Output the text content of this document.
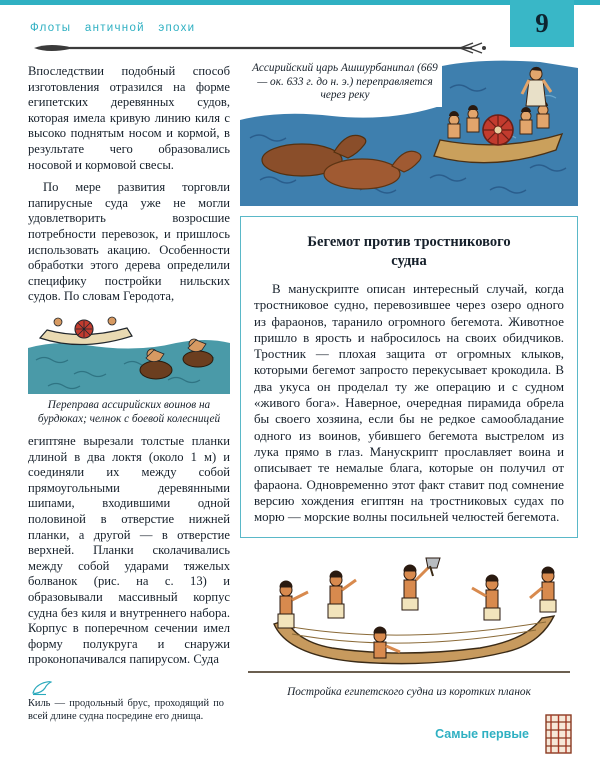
9
Флоты античной эпохи

Впоследствии подобный способ изготовления отразился на форме египетских деревянных судов, которая имела кривую линию киля с высоко поднятым носом и кормой, в результате чего образовались носовой и кормовой свесы.

По мере развития торговли папирусные суда уже не могли удовлетворить возросшие потребности перевозок, и пришлось использовать акацию. Особенности обработки этого дерева определили специфику постройки нильских судов. По словам Геродота,

Переправа ассирийских воинов на бурдюках; челнок с боевой колесницей

египтяне вырезали толстые планки длиной в два локтя (около 1 м) и соединяли их между собой прямоугольными деревянными шипами, входившими одной половиной в отверстие нижней планки, а другой — в отверстие верхней. Планки сколачивались между собой ударами тяжелых болванок (рис. на с. 13) и образовывали массивный корпус судна без киля и внутреннего набора. Корпус в поперечном сечении имел форму полукруга и снаружи проконопачивался папирусом. Суда

Киль — продольный брус, проходящий по всей длине судна посредине его днища.
Ассирийский царь Ашшурбанипал (669 — ок. 633 г. до н. э.) переправляется через реку
Бегемот против тростникового судна

В манускрипте описан интересный случай, когда тростниковое судно, перевозившее через озеро одного из фараонов, таранило огромного бегемота. Животное пришло в ярость и набросилось на своих обидчиков. Тростник — плохая защита от огромных клыков, которыми бегемот запросто перекусывает крокодила. В два укуса он проделал ту же операцию и с судном «живого бога». Наверное, очередная пирамида обрела бы своего хозяина, если бы не редкое самообладание одного из воинов, убившего бегемота выстрелом из лука прямо в глаз. Манускрипт прославляет воина и описывает те немалые блага, которые он получил от фараона. Одновременно этот факт ставит под сомнение версию хождения египтян на тростниковых судах по морю — морские волны посильней челюстей бегемота.

Постройка египетского судна из коротких планок
Самые первые
